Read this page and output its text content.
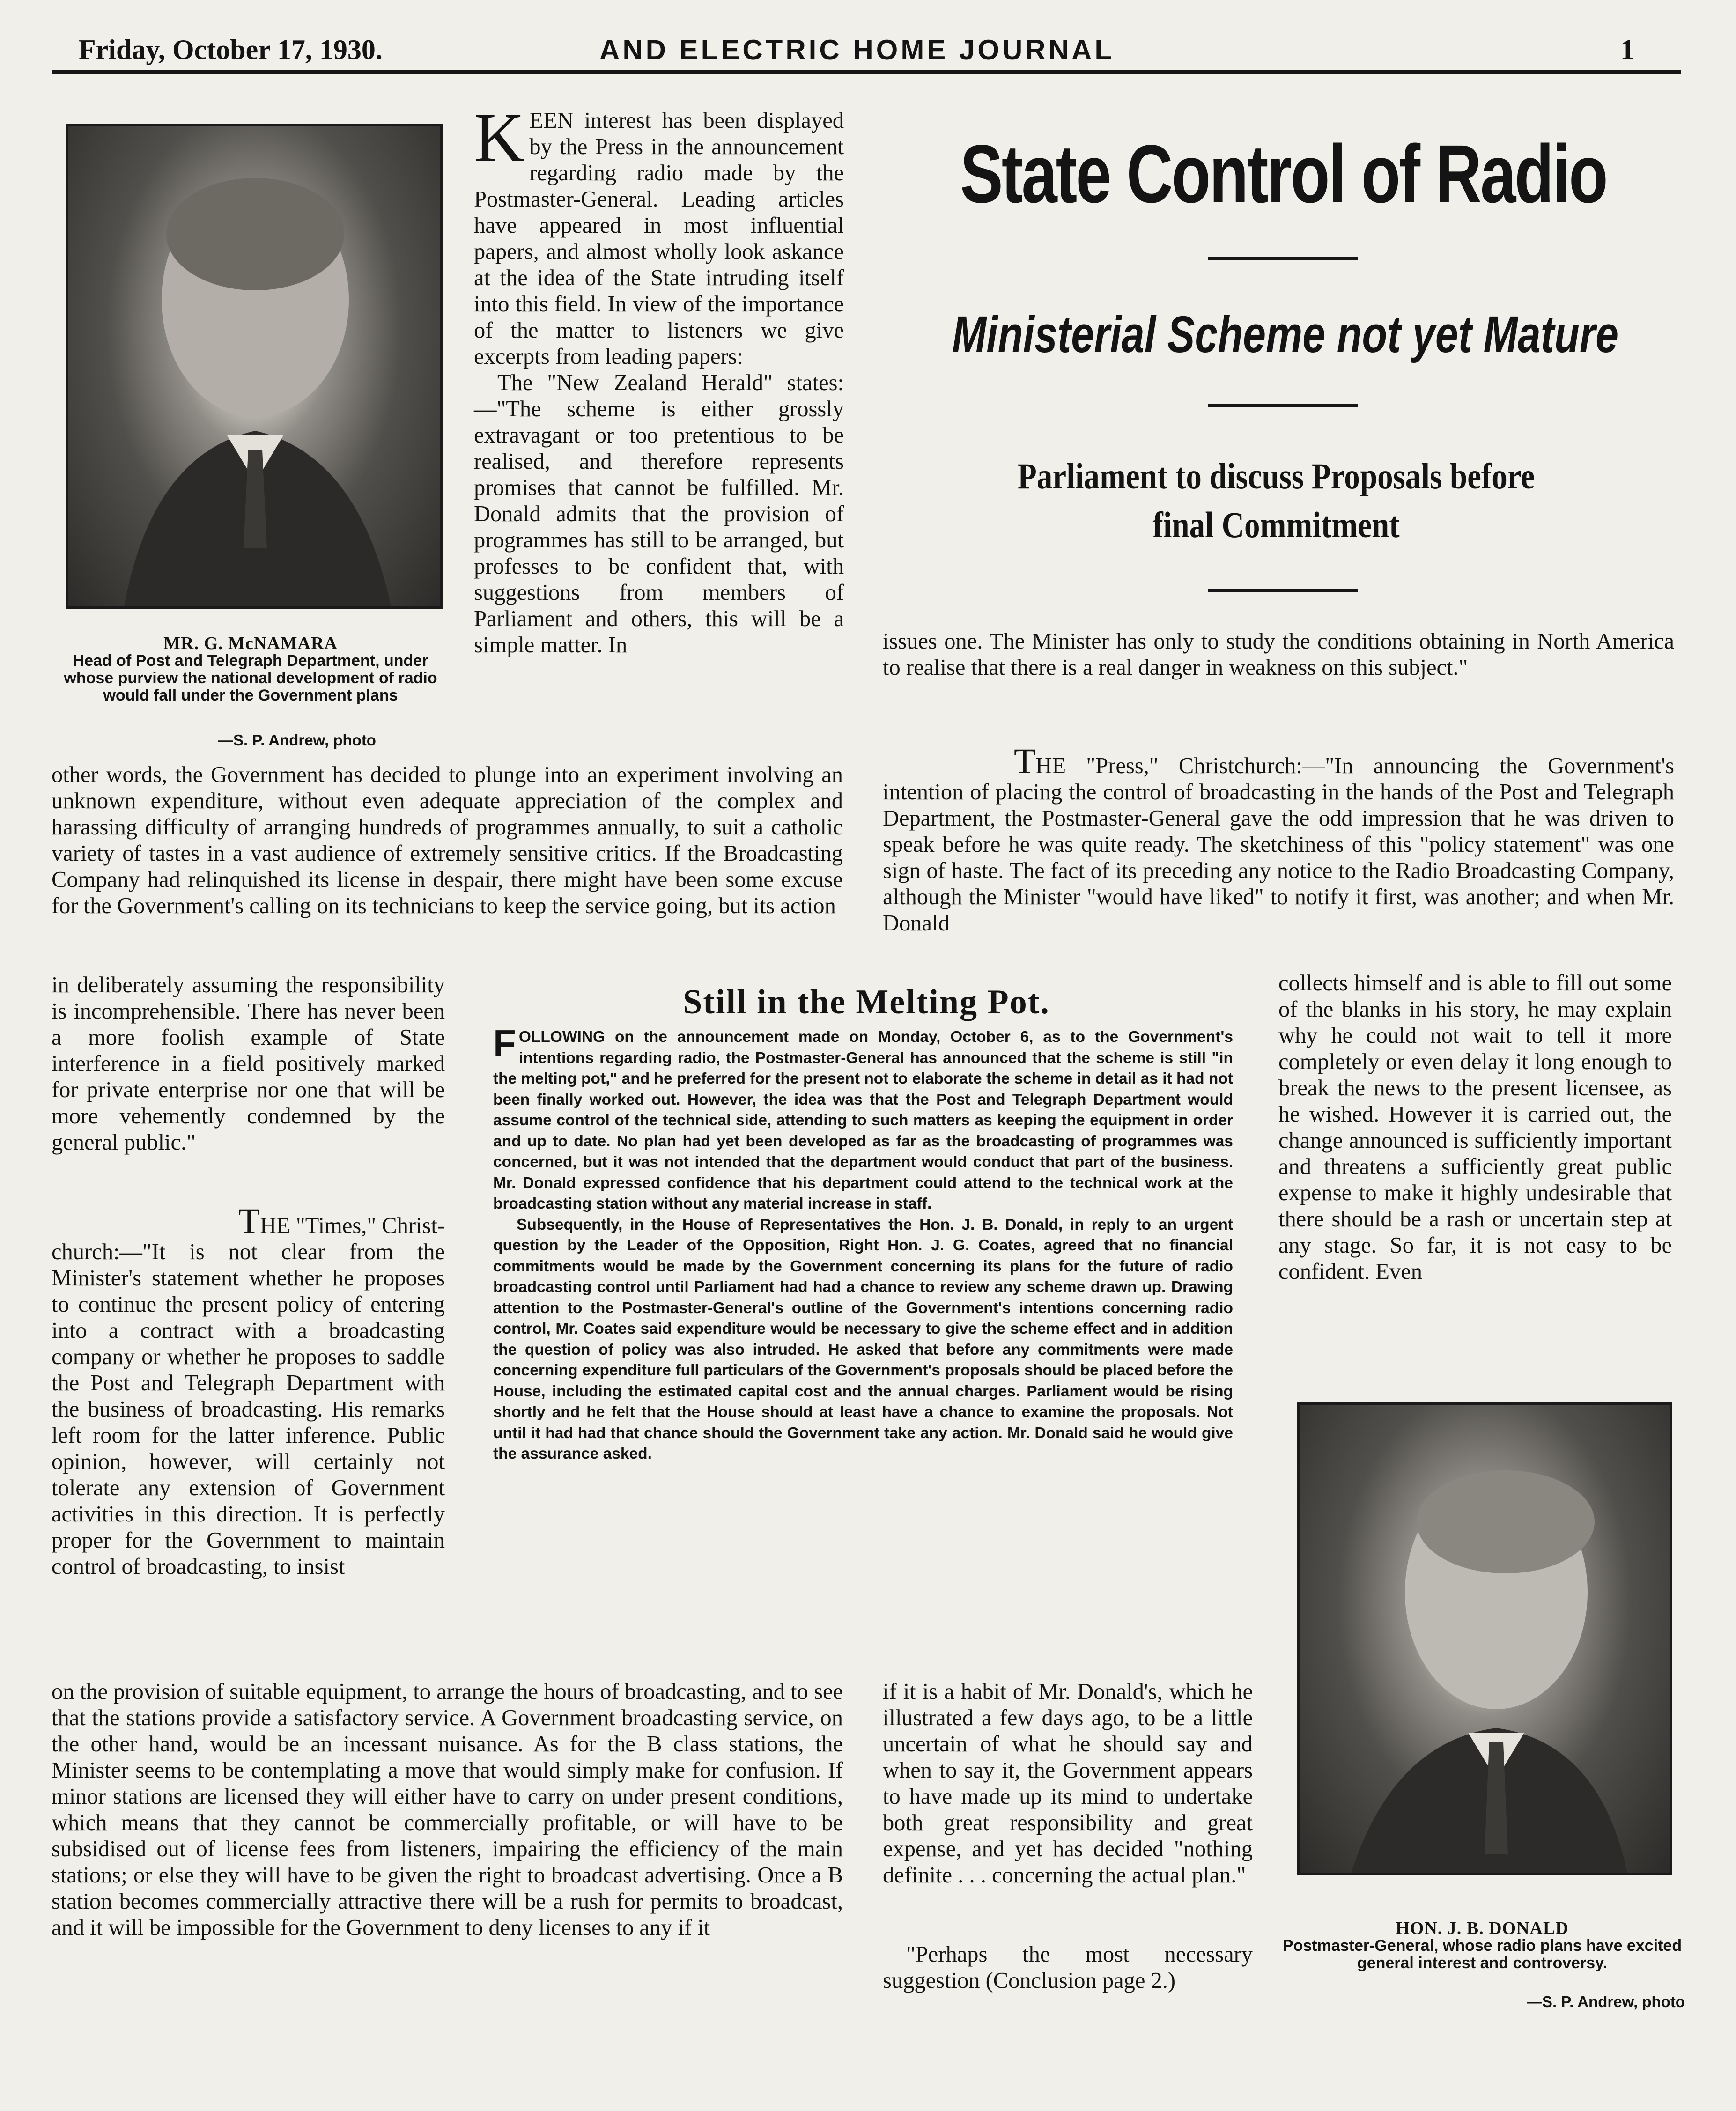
Friday, October 17, 1930.	AND ELECTRIC HOME JOURNAL	1
MR. G. McNAMARA
Head of Post and Telegraph Department, under whose purview the national development of radio would fall under the Government plans
—S. P. Andrew, photo

KEEN interest has been displayed by the Press in the announcement regarding radio made by the Postmaster-General. Leading articles have appeared in most influential papers, and almost wholly look askance at the idea of the State intruding itself into this field. In view of the importance of the matter to listeners we give excerpts from leading papers:

The "New Zealand Herald" states:—"The scheme is either grossly extravagant or too pretentious to be realised, and therefore represents promises that cannot be fulfilled. Mr. Donald admits that the provision of programmes has still to be arranged, but professes to be confident that, with suggestions from members of Parliament and others, this will be a simple matter. In

other words, the Government has decided to plunge into an experiment involving an unknown expenditure, without even adequate appreciation of the complex and harassing difficulty of arranging hundreds of programmes annually, to suit a catholic variety of tastes in a vast audience of extremely sensitive critics. If the Broadcasting Company had relinquished its license in despair, there might have been some excuse for the Government's calling on its technicians to keep the service going, but its action
in deliberately assuming the responsibility is incomprehensible. There has never been a more foolish example of State interference in a field positively marked for private enterprise nor one that will be more vehemently condemned by the general public."

THE "Times," Christ-

church:—"It is not clear from the Minister's statement whether he proposes to continue the present policy of entering into a contract with a broadcasting company or whether he proposes to saddle the Post and Telegraph Department with the business of broadcasting. His remarks left room for the latter inference. Public opinion, however, will certainly not tolerate any extension of Government activities in this direction. It is perfectly proper for the Government to maintain control of broadcasting, to insist

on the provision of suitable equipment, to arrange the hours of broadcasting, and to see that the stations provide a satisfactory service. A Government broadcasting service, on the other hand, would be an incessant nuisance. As for the B class stations, the Minister seems to be contemplating a move that would simply make for confusion. If minor stations are licensed they will either have to carry on under present conditions, which means that they cannot be commercially profitable, or will have to be subsidised out of license fees from listeners, impairing the efficiency of the main stations; or else they will have to be given the right to broadcast advertising. Once a B station becomes commercially attractive there will be a rush for permits to broadcast, and it will be impossible for the Government to deny licenses to any if it
State Control of Radio
Ministerial Scheme not yet Mature
Parliament to discuss Proposals before final Commitment
issues one. The Minister has only to study the conditions obtaining in North America to realise that there is a real danger in weakness on this subject."

THE "Press," Christchurch:—"In announcing the Government's intention of placing the control of broadcasting in the hands of the Post and Telegraph Department, the Postmaster-General gave the odd impression that he was driven to speak before he was quite ready. The sketchiness of this "policy statement" was one sign of haste. The fact of its preceding any notice to the Radio Broadcasting Company, although the Minister "would have liked" to notify it first, was another; and when Mr. Donald

collects himself and is able to fill out some of the blanks in his story, he may explain why he could not wait to tell it more completely or even delay it long enough to break the news to the present licensee, as he wished. However it is carried out, the change announced is sufficiently important and threatens a sufficiently great public expense to make it highly undesirable that there should be a rash or uncertain step at any stage. So far, it is not easy to be confident. Even
if it is a habit of Mr. Donald's, which he illustrated a few days ago, to be a little uncertain of what he should say and when to say it, the Government appears to have made up its mind to undertake both great responsibility and great expense, and yet has decided "nothing definite . . . concerning the actual plan."
"Perhaps the most necessary suggestion (Conclusion page 2.)
Still in the Melting Pot.

FOLLOWING on the announcement made on Monday, October 6, as to the Government's intentions regarding radio, the Postmaster-General has announced that the scheme is still "in the melting pot," and he preferred for the present not to elaborate the scheme in detail as it had not been finally worked out. However, the idea was that the Post and Telegraph Department would assume control of the technical side, attending to such matters as keeping the equipment in order and up to date. No plan had yet been developed as far as the broadcasting of programmes was concerned, but it was not intended that the department would conduct that part of the business. Mr. Donald expressed confidence that his department could attend to the technical work at the broadcasting station without any material increase in staff.

Subsequently, in the House of Representatives the Hon. J. B. Donald, in reply to an urgent question by the Leader of the Opposition, Right Hon. J. G. Coates, agreed that no financial commitments would be made by the Government concerning its plans for the future of radio broadcasting control until Parliament had had a chance to review any scheme drawn up. Drawing attention to the Postmaster-General's outline of the Government's intentions concerning radio control, Mr. Coates said expenditure would be necessary to give the scheme effect and in addition the question of policy was also intruded. He asked that before any commitments were made concerning expenditure full particulars of the Government's proposals should be placed before the House, including the estimated capital cost and the annual charges. Parliament would be rising shortly and he felt that the House should at least have a chance to examine the proposals. Not until it had had that chance should the Government take any action. Mr. Donald said he would give the assurance asked.

HON. J. B. DONALD
Postmaster-General, whose radio plans have excited general interest and controversy.
—S. P. Andrew, photo
